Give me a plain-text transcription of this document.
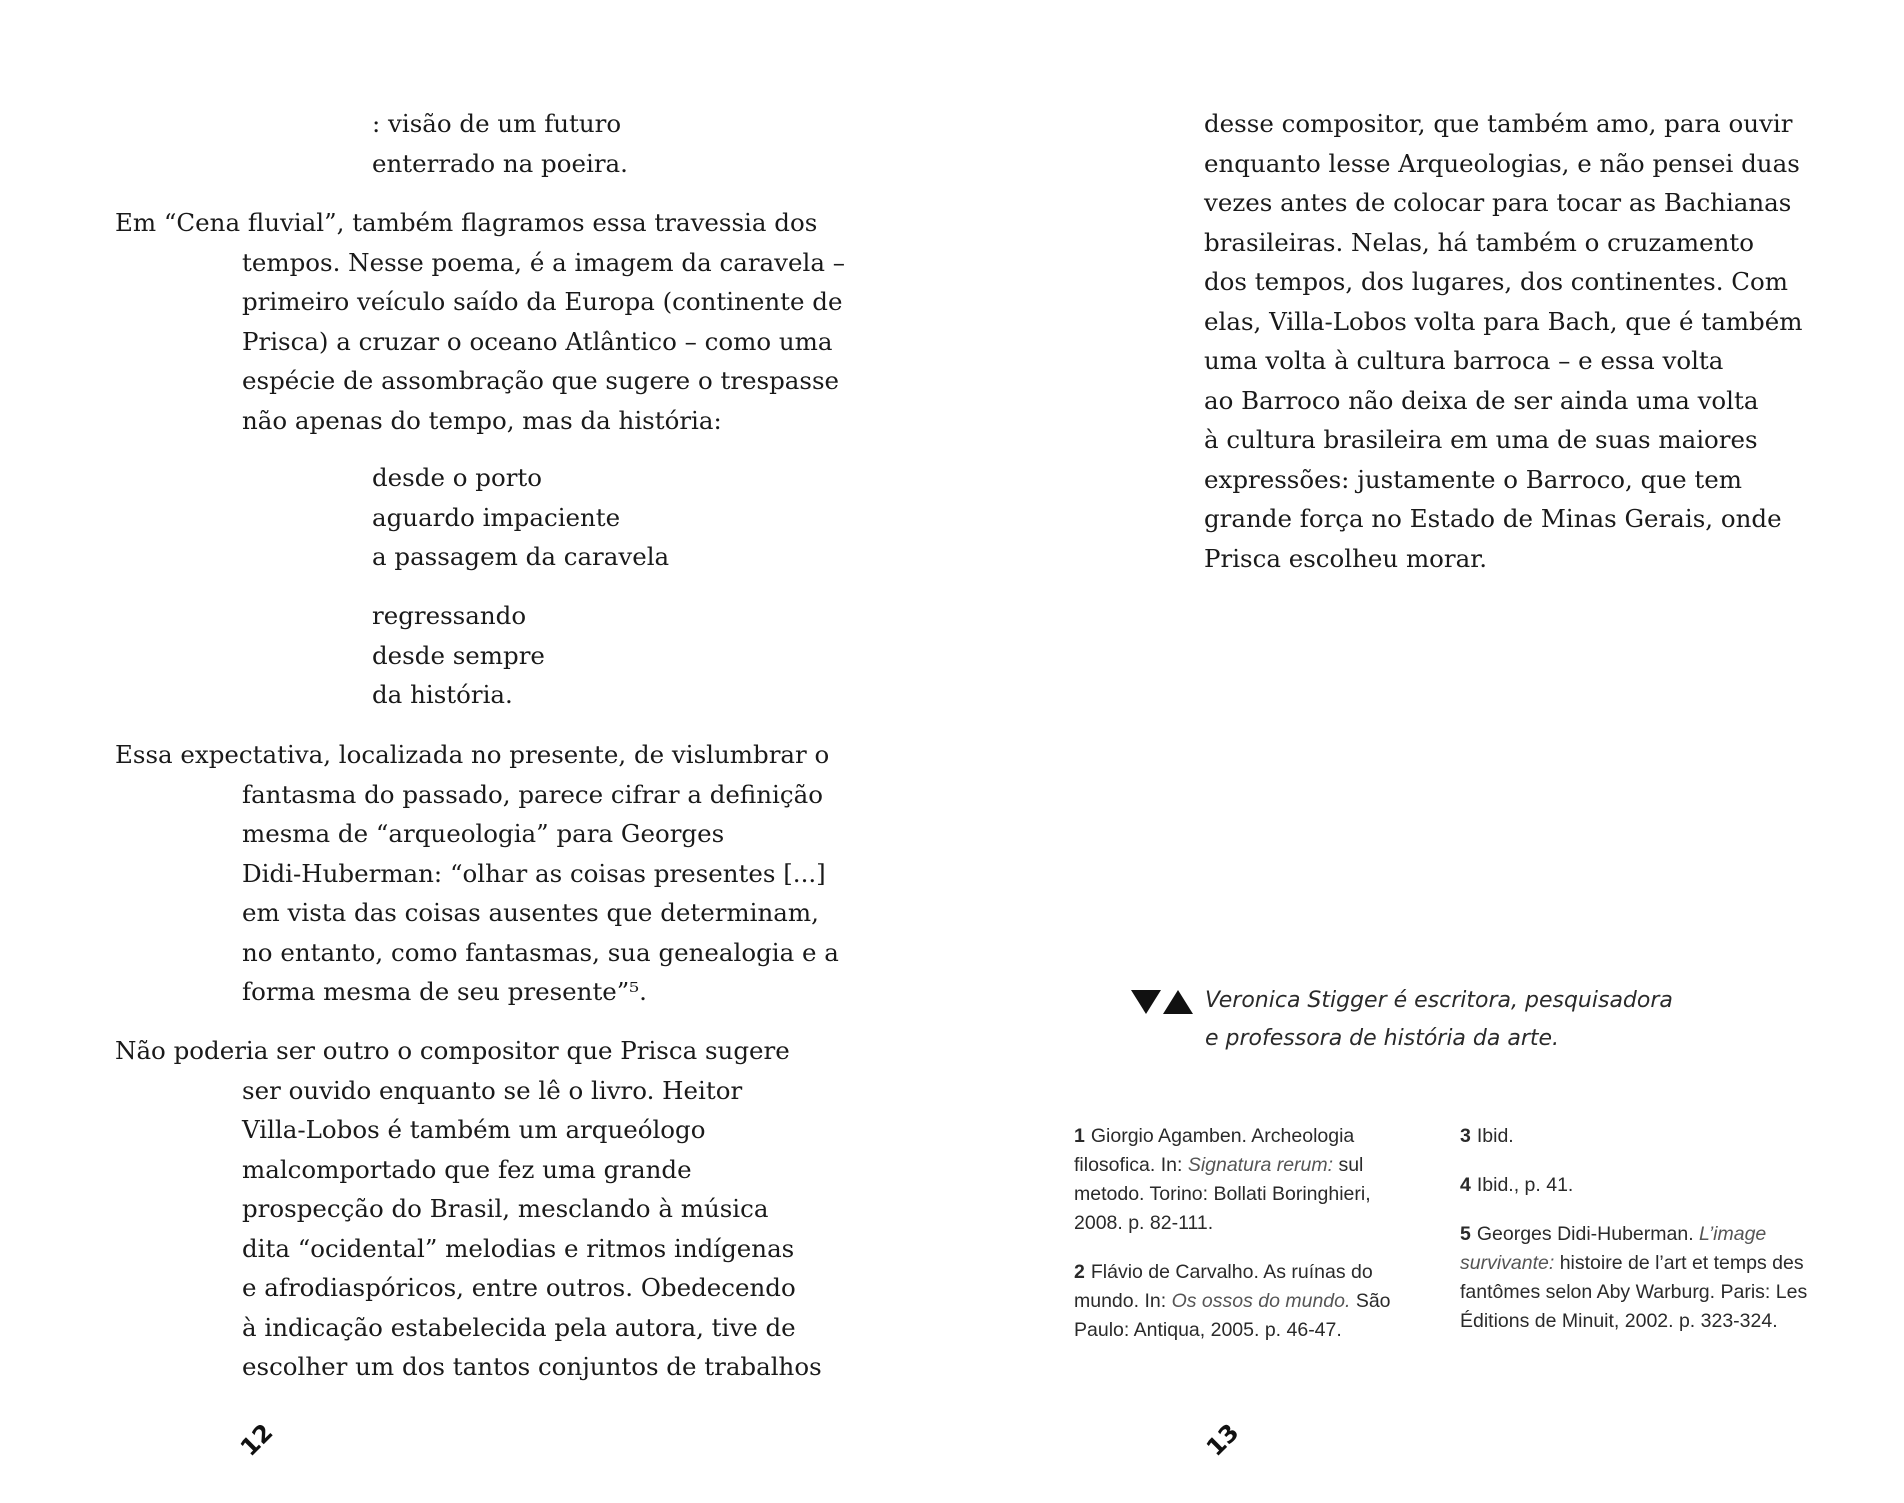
: visão de um futuro
enterrado na poeira.
Em “Cena fluvial”, também flagramos essa travessia dos
tempos. Nesse poema, é a imagem da caravela –
primeiro veículo saído da Europa (continente de
Prisca) a cruzar o oceano Atlântico – como uma
espécie de assombração que sugere o trespasse
não apenas do tempo, mas da história:
desde o porto
aguardo impaciente
a passagem da caravela
regressando
desde sempre
da história.
Essa expectativa, localizada no presente, de vislumbrar o
fantasma do passado, parece cifrar a definição
mesma de “arqueologia” para Georges
Didi-Huberman: “olhar as coisas presentes [...]
em vista das coisas ausentes que determinam,
no entanto, como fantasmas, sua genealogia e a
forma mesma de seu presente”⁵.
Não poderia ser outro o compositor que Prisca sugere
ser ouvido enquanto se lê o livro. Heitor
Villa-Lobos é também um arqueólogo
malcomportado que fez uma grande
prospecção do Brasil, mesclando à música
dita “ocidental” melodias e ritmos indígenas
e afrodiaspóricos, entre outros. Obedecendo
à indicação estabelecida pela autora, tive de
escolher um dos tantos conjuntos de trabalhos
12
desse compositor, que também amo, para ouvir
enquanto lesse Arqueologias, e não pensei duas
vezes antes de colocar para tocar as Bachianas
brasileiras. Nelas, há também o cruzamento
dos tempos, dos lugares, dos continentes. Com
elas, Villa-Lobos volta para Bach, que é também
uma volta à cultura barroca – e essa volta
ao Barroco não deixa de ser ainda uma volta
à cultura brasileira em uma de suas maiores
expressões: justamente o Barroco, que tem
grande força no Estado de Minas Gerais, onde
Prisca escolheu morar.
Veronica Stigger é escritora, pesquisadora
e professora de história da arte.
1 Giorgio Agamben. Archeologia filosofica. In: Signatura rerum: sul metodo. Torino: Bollati Boringhieri, 2008. p. 82-111.
2 Flávio de Carvalho. As ruínas do mundo. In: Os ossos do mundo. São Paulo: Antiqua, 2005. p. 46-47.
3 Ibid.
4 Ibid., p. 41.
5 Georges Didi-Huberman. L’image survivante: histoire de l’art et temps des fantômes selon Aby Warburg. Paris: Les Éditions de Minuit, 2002. p. 323-324.
13
